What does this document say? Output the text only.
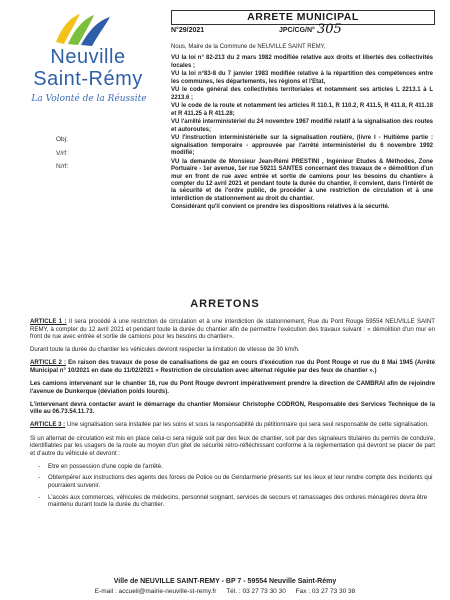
Neuville
Saint-Rémy
La Volonté de la Réussite
Obj:
V/rf:
N/rf:
ARRETE MUNICIPAL
N°29/2021	JPC/CG/N° 305

Nous, Maire de la Commune de NEUVILLE SAINT REMY,

VU la loi n° 82-213 du 2 mars 1982 modifiée relative aux droits et libertés des collectivités locales ;

VU la loi n°83-8 du 7 janvier 1983 modifiée relative à la répartition des compétences entre les communes, les départements, les régions et l'Etat,

VU le code général des collectivités territoriales et notamment ses articles L 2213.1 à L 2213.6 ;

VU le code de la route et notamment les articles R 110.1, R 110.2, R 411.5, R 411.8, R 411.18 et R 411.25 à R 411.28;

VU l'arrêté interministériel du 24 novembre 1967 modifié relatif à la signalisation des routes et autoroutes;

VU l'instruction interministérielle sur la signalisation routière, (livre I - Huitième partie : signalisation temporaire - approuvée par l'arrêté interministériel du 6 novembre 1992 modifié;

VU la demande de Monsieur Jean-Rémi PRESTINI , Ingénieur Etudes & Méthodes, Zone Portuaire - 1er avenue, 1er rue 59211 SANTES concernant des travaux de « démolition d'un mur en front de rue avec entrée et sortie de camions pour les besoins du chantier» à compter du 12 avril 2021 et pendant toute la durée du chantier, il convient, dans l'intérêt de la sécurité et de l'ordre public, de procéder à une restriction de circulation et à une interdiction de stationnement au droit du chantier.

Considérant qu'il convient ce prendre les dispositions relatives à la sécurité.

ARRETONS

ARTICLE 1 : Il sera procédé à une restriction de circulation et à une interdiction de stationnement, Rue du Pont Rouge 59554 NEUVILLE SAINT REMY, à compter du 12 avril 2021 et pendant toute la durée du chantier afin de permettre l'exécution des travaux suivant : « démolition d'un mur en front de rue avec entrée et sortie de camions pour les besoins du chantier».

Durant toute la durée du chantier les véhicules devront respecter la limitation de vitesse de 30 km/h.

ARTICLE 2 : En raison des travaux de pose de canalisations de gaz en cours d'exécution rue du Pont Rouge et rue du 8 Mai 1945 (Arrêté Municipal n° 10/2021 en date du 11/02/2021 « Restriction de circulation avec alternat régulée par des feux de chantier ».)

Les camions intervenant sur le chantier 16, rue du Pont Rouge devront impérativement prendre la direction de CAMBRAI afin de rejoindre l'avenue de Dunkerque (déviation poids lourds).

L'intervenant devra contacter avant le démarrage du chantier Monsieur Christophe CODRON, Responsable des Services Technique de la ville au 06.73.54.11.73.

ARTICLE 3 : Une signalisation sera installée par les soins et sous la responsabilité du pétitionnaire qui sera seul responsable de cette signalisation.

Si un alternat de circulation est mis en place celui-ci sera régulé soit par des feux de chantier, soit par des signaleurs titulaires du permis de conduire, identifiables par les usagers de la route au moyen d'un gilet de sécurité rétro-réfléchissant conforme à la réglementation qui devront se placer de part et d'autre du véhicule et devront :

- Etre en possession d'une copie de l'arrêté.
- Obtempérer aux instructions des agents des forces de Police ou de Gendarmerie présents sur les lieux et leur rendre compte des incidents qui pourraient survenir.
- L'accès aux commerces, véhicules de médecins, personnel soignant, services de secours et ramassages des ordures ménagères devra être maintenu durant toute la durée du chantier.
Ville de NEUVILLE SAINT-REMY - BP 7 - 59554 Neuville Saint-Rémy
E-mail : accueil@mairie-neuville-st-remy.fr Tél. : 03 27 73 30 30 Fax : 03 27 73 30 38
